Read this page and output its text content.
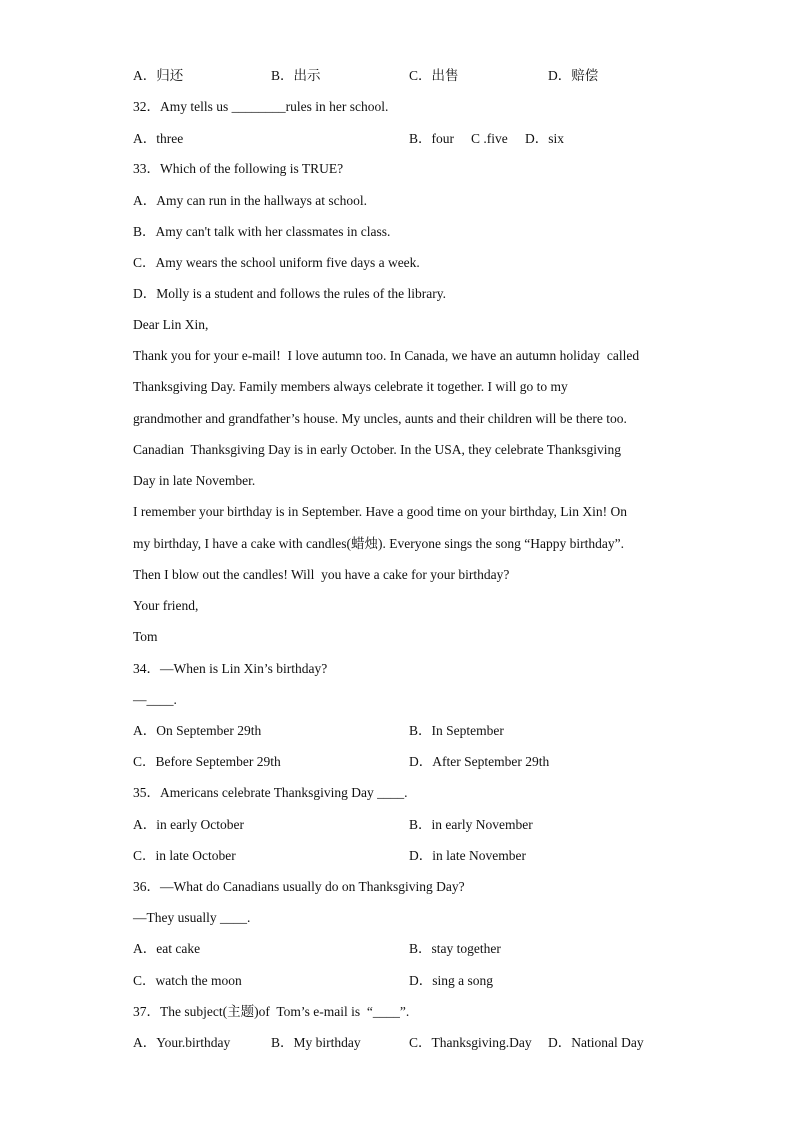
A．归还	B．出示	C．出售	D．赔偿
32．Amy tells us ________rules in her school.
A．three	B．four C .five D．six
33．Which of the following is TRUE?
A．Amy can run in the hallways at school.
B．Amy can't talk with her classmates in class.
C．Amy wears the school uniform five days a week.
D．Molly is a student and follows the rules of the library.
Dear Lin Xin,
Thank you for your e-mail!  I love autumn too. In Canada, we have an autumn holiday  called
Thanksgiving Day. Family members always celebrate it together. I will go to my
grandmother and grandfather’s house. My uncles, aunts and their children will be there too.
Canadian  Thanksgiving Day is in early October. In the USA, they celebrate Thanksgiving
Day in late November.
I remember your birthday is in September. Have a good time on your birthday, Lin Xin! On
my birthday, I have a cake with candles(蜡烛). Everyone sings the song “Happy birthday”.
Then I blow out the candles! Will  you have a cake for your birthday?
Your friend,
Tom
34．—When is Lin Xin’s birthday?
—____.
A．On September 29th	B．In September
C．Before September 29th	D．After September 29th
35．Americans celebrate Thanksgiving Day ____.
A．in early October	B．in early November
C．in late October	D．in late November
36．—What do Canadians usually do on Thanksgiving Day?
—They usually ____.
A．eat cake	B．stay together
C．watch the moon	D．sing a song
37．The subject(主题)of  Tom’s e-mail is  “____”.
A．Your.birthday	B．My birthday	C．Thanksgiving.Day D．National Day
